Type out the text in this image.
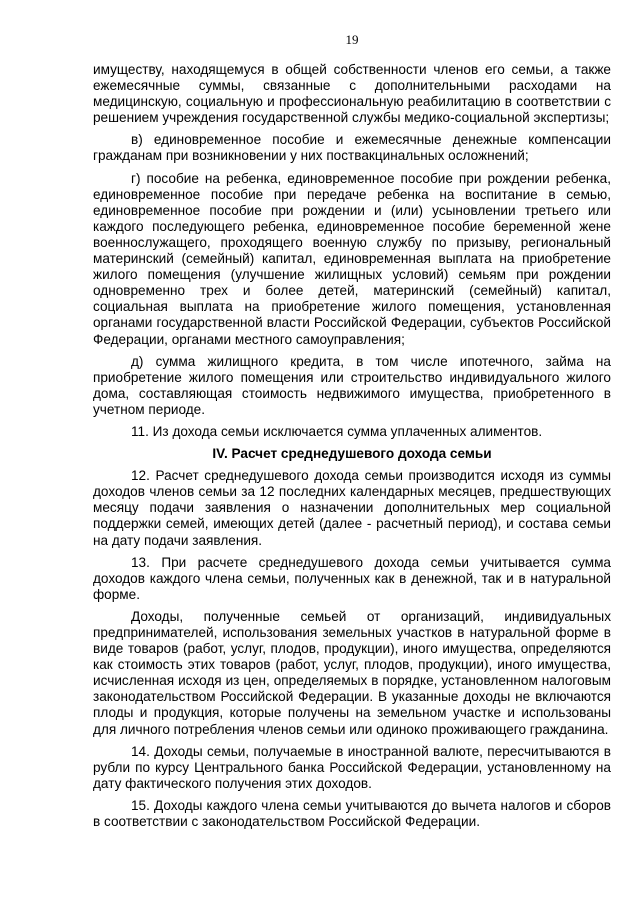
19

имуществу, находящемуся в общей собственности членов его семьи, а также ежемесячные суммы, связанные с дополнительными расходами на медицинскую, социальную и профессиональную реабилитацию в соответствии с решением учреждения государственной службы медико-социальной экспертизы;

в) единовременное пособие и ежемесячные денежные компенсации гражданам при возникновении у них поствакцинальных осложнений;

г) пособие на ребенка, единовременное пособие при рождении ребенка, единовременное пособие при передаче ребенка на воспитание в семью, единовременное пособие при рождении и (или) усыновлении третьего или каждого последующего ребенка, единовременное пособие беременной жене военнослужащего, проходящего военную службу по призыву, региональный материнский (семейный) капитал, единовременная выплата на приобретение жилого помещения (улучшение жилищных условий) семьям при рождении одновременно трех и более детей, материнский (семейный) капитал, социальная выплата на приобретение жилого помещения, установленная органами государственной власти Российской Федерации, субъектов Российской Федерации, органами местного самоуправления;

д) сумма жилищного кредита, в том числе ипотечного, займа на приобретение жилого помещения или строительство индивидуального жилого дома, составляющая стоимость недвижимого имущества, приобретенного в учетном периоде.

11. Из дохода семьи исключается сумма уплаченных алиментов.

IV. Расчет среднедушевого дохода семьи

12. Расчет среднедушевого дохода семьи производится исходя из суммы доходов членов семьи за 12 последних календарных месяцев, предшествующих месяцу подачи заявления о назначении дополнительных мер социальной поддержки семей, имеющих детей (далее - расчетный период), и состава семьи на дату подачи заявления.

13. При расчете среднедушевого дохода семьи учитывается сумма доходов каждого члена семьи, полученных как в денежной, так и в натуральной форме.

Доходы, полученные семьей от организаций, индивидуальных предпринимателей, использования земельных участков в натуральной форме в виде товаров (работ, услуг, плодов, продукции), иного имущества, определяются как стоимость этих товаров (работ, услуг, плодов, продукции), иного имущества, исчисленная исходя из цен, определяемых в порядке, установленном налоговым законодательством Российской Федерации. В указанные доходы не включаются плоды и продукция, которые получены на земельном участке и использованы для личного потребления членов семьи или одиноко проживающего гражданина.

14. Доходы семьи, получаемые в иностранной валюте, пересчитываются в рубли по курсу Центрального банка Российской Федерации, установленному на дату фактического получения этих доходов.

15. Доходы каждого члена семьи учитываются до вычета налогов и сборов в соответствии с законодательством Российской Федерации.
